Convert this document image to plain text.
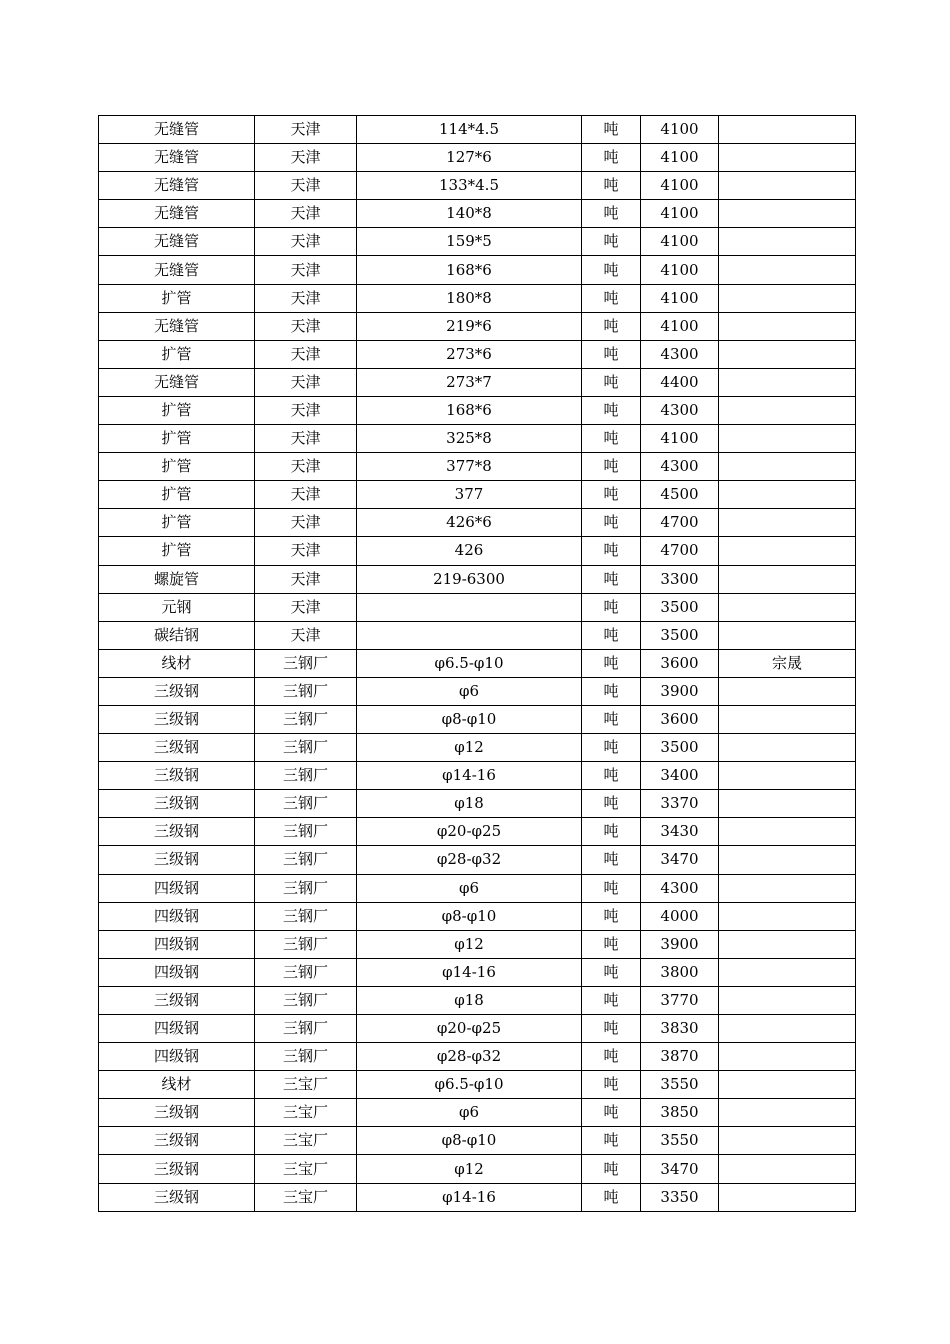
无缝管	天津	114*4.5	吨	4100	
无缝管	天津	127*6	吨	4100	
无缝管	天津	133*4.5	吨	4100	
无缝管	天津	140*8	吨	4100	
无缝管	天津	159*5	吨	4100	
无缝管	天津	168*6	吨	4100	
扩管	天津	180*8	吨	4100	
无缝管	天津	219*6	吨	4100	
扩管	天津	273*6	吨	4300	
无缝管	天津	273*7	吨	4400	
扩管	天津	168*6	吨	4300	
扩管	天津	325*8	吨	4100	
扩管	天津	377*8	吨	4300	
扩管	天津	377	吨	4500	
扩管	天津	426*6	吨	4700	
扩管	天津	426	吨	4700	
螺旋管	天津	219-6300	吨	3300	
元钢	天津		吨	3500	
碳结钢	天津		吨	3500	
线材	三钢厂	φ6.5-φ10	吨	3600	宗晟
三级钢	三钢厂	φ6	吨	3900	
三级钢	三钢厂	φ8-φ10	吨	3600	
三级钢	三钢厂	φ12	吨	3500	
三级钢	三钢厂	φ14-16	吨	3400	
三级钢	三钢厂	φ18	吨	3370	
三级钢	三钢厂	φ20-φ25	吨	3430	
三级钢	三钢厂	φ28-φ32	吨	3470	
四级钢	三钢厂	φ6	吨	4300	
四级钢	三钢厂	φ8-φ10	吨	4000	
四级钢	三钢厂	φ12	吨	3900	
四级钢	三钢厂	φ14-16	吨	3800	
三级钢	三钢厂	φ18	吨	3770	
四级钢	三钢厂	φ20-φ25	吨	3830	
四级钢	三钢厂	φ28-φ32	吨	3870	
线材	三宝厂	φ6.5-φ10	吨	3550	
三级钢	三宝厂	φ6	吨	3850	
三级钢	三宝厂	φ8-φ10	吨	3550	
三级钢	三宝厂	φ12	吨	3470	
三级钢	三宝厂	φ14-16	吨	3350	
